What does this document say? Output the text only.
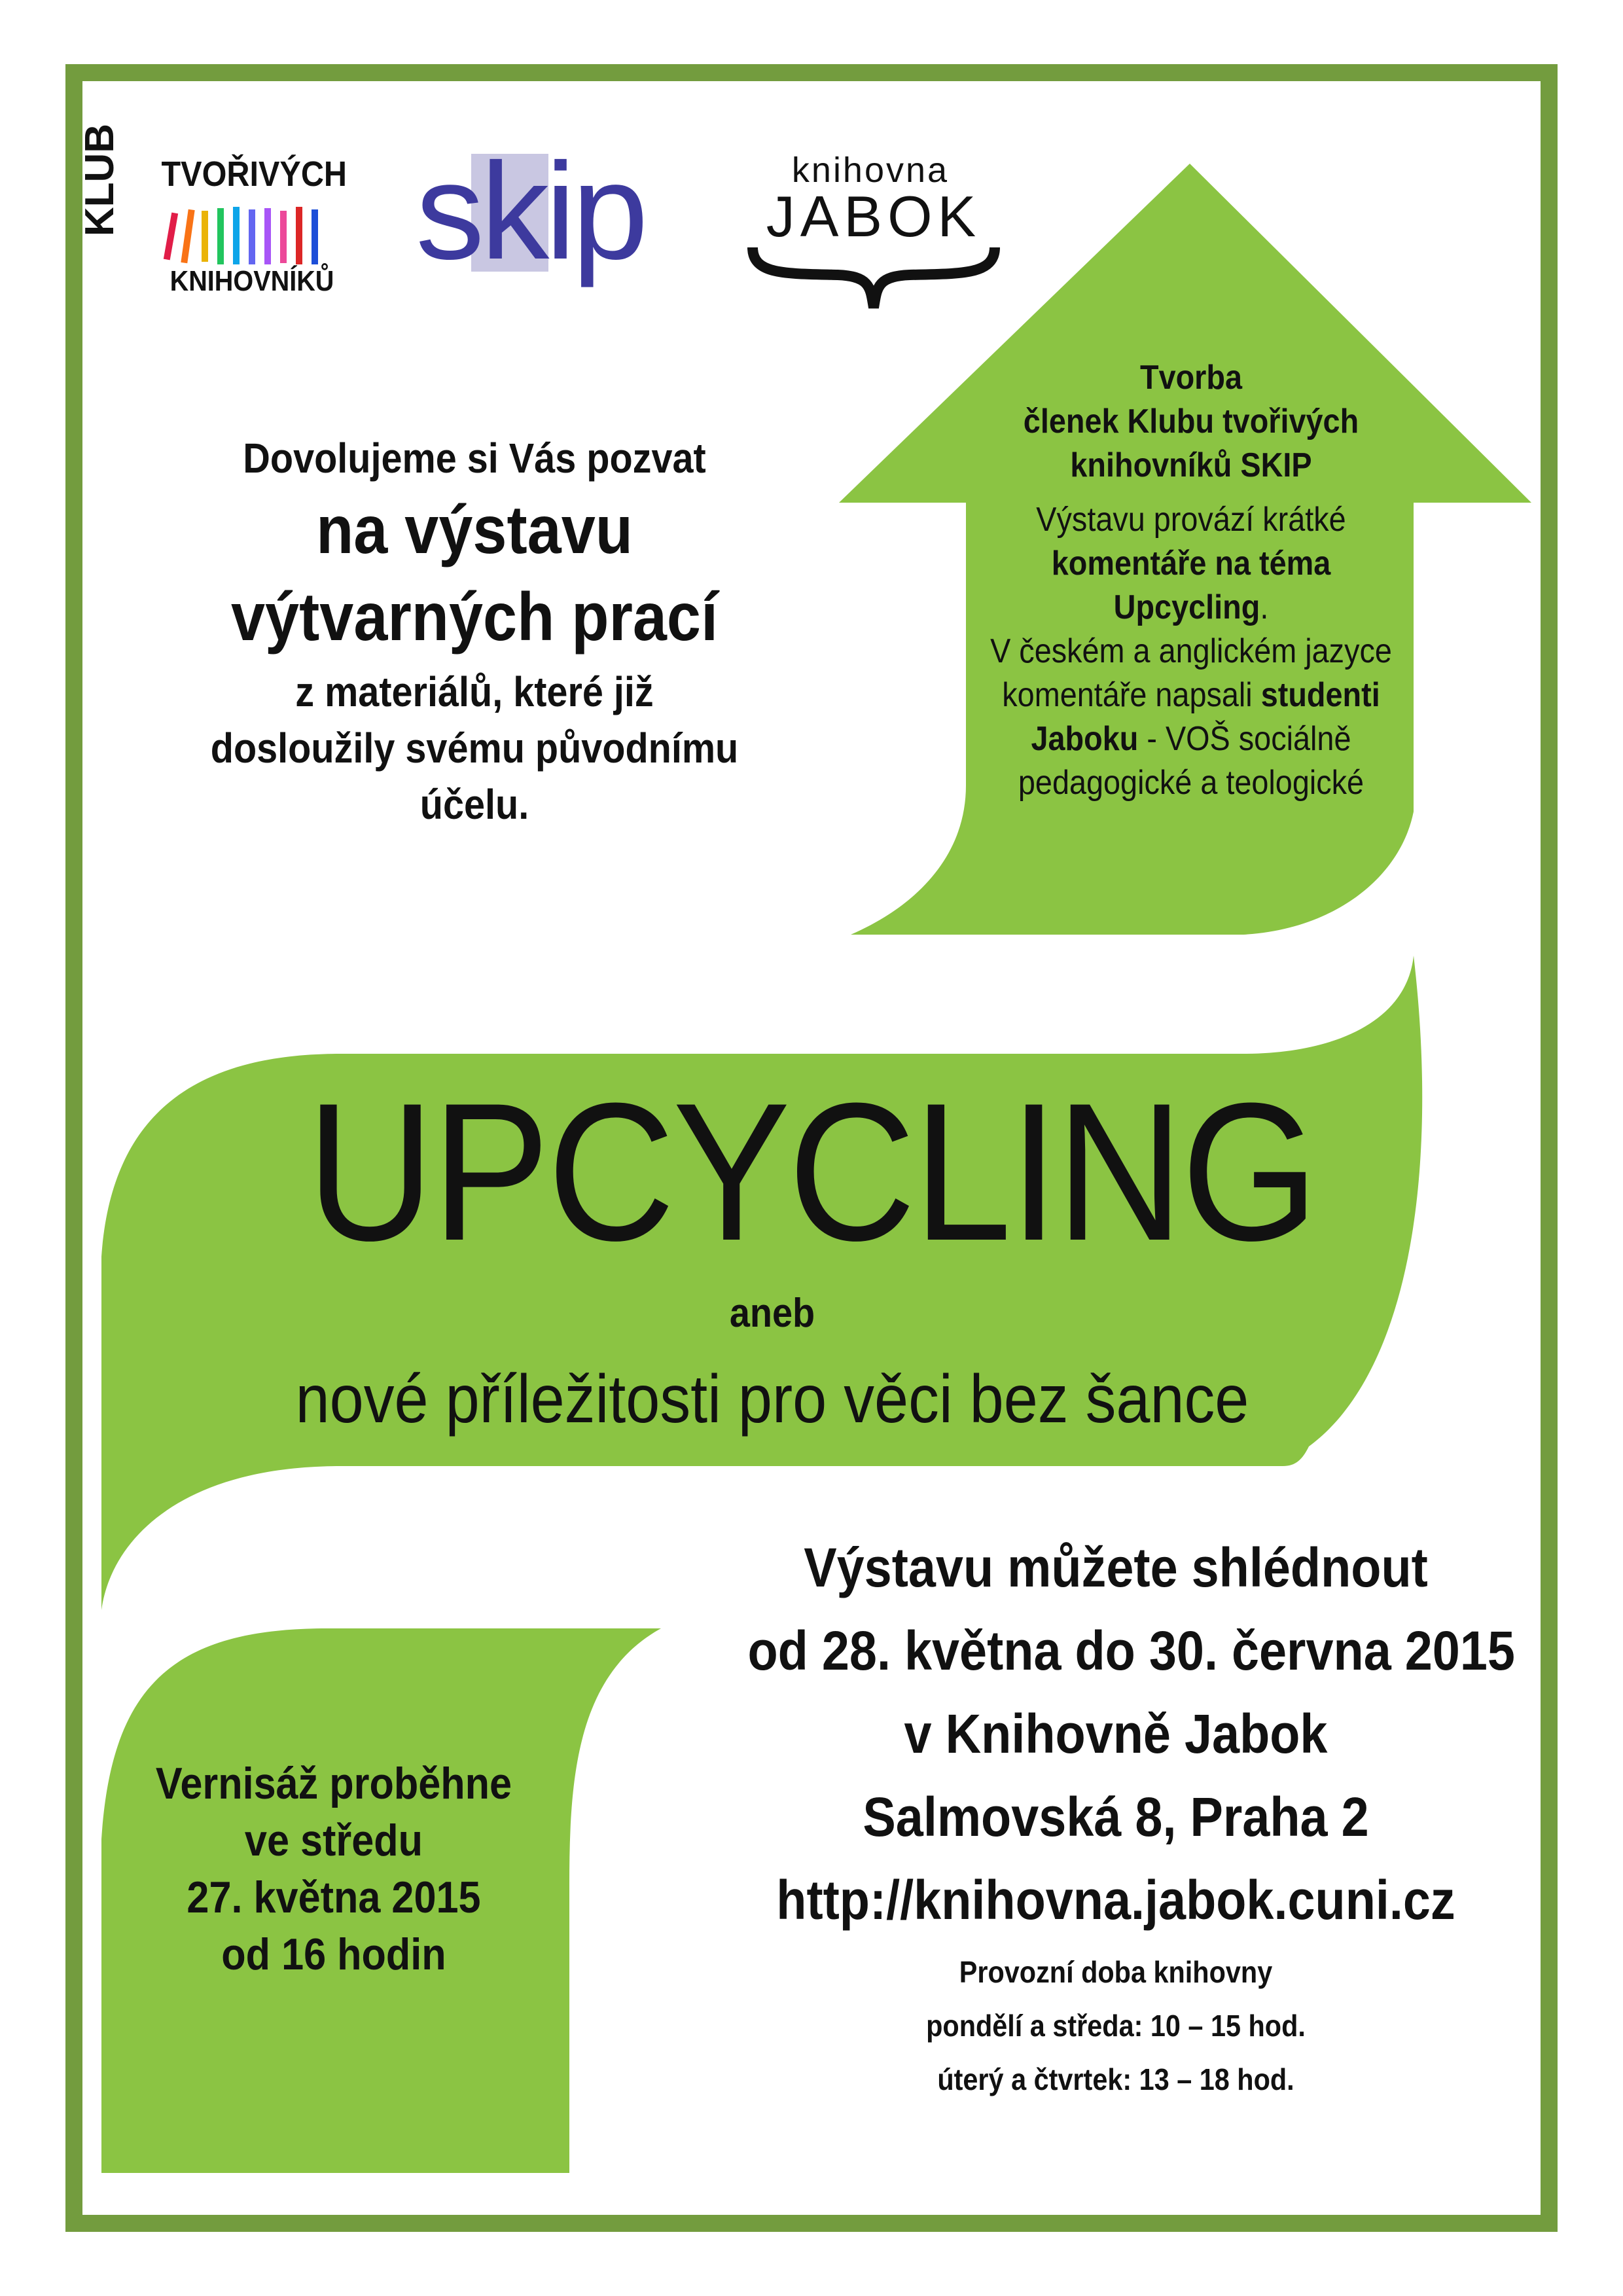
KLUB TVOŘIVÝCH
KNIHOVNÍKŮ skip	knihovna
JABOK
Dovolujeme si Vás pozvat
na výstavu
výtvarných prací
z materiálů, které již
dosloužily svému původnímu
účelu.
Tvorba
členek Klubu tvořivých
knihovníků SKIP
Výstavu provází krátké
komentáře na téma
Upcycling.
V českém a anglickém jazyce
komentáře napsali studenti
Jaboku - VOŠ sociálně
pedagogické a teologické
UPCYCLING
aneb
nové příležitosti pro věci bez šance
Vernisáž proběhne
ve středu
27. května 2015
od 16 hodin
Výstavu můžete shlédnout
od 28. května do 30. června 2015
v Knihovně Jabok
Salmovská 8, Praha 2
http://knihovna.jabok.cuni.cz
Provozní doba knihovny
pondělí a středa: 10 – 15 hod.
úterý a čtvrtek: 13 – 18 hod.
